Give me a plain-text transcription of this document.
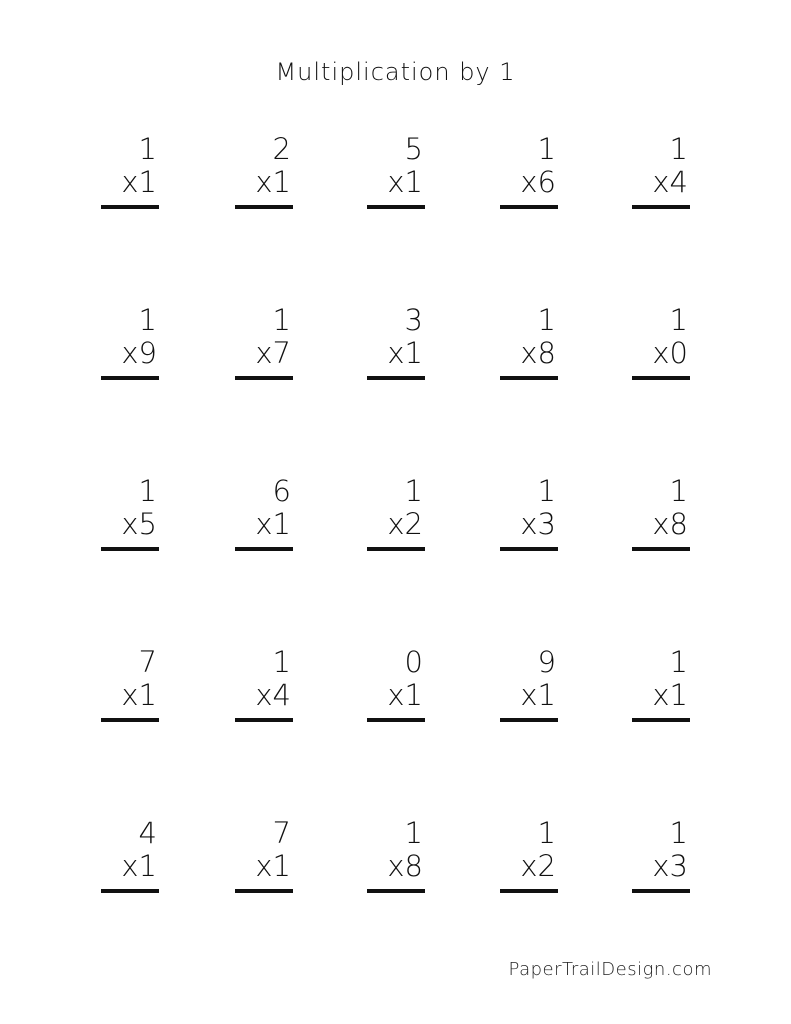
Multiplication by 1
1
x1
2
x1
5
x1
1
x6
1
x4
1
x9
1
x7
3
x1
1
x8
1
x0
1
x5
6
x1
1
x2
1
x3
1
x8
7
x1
1
x4
0
x1
9
x1
1
x1
4
x1
7
x1
1
x8
1
x2
1
x3
PaperTrailDesign.com
